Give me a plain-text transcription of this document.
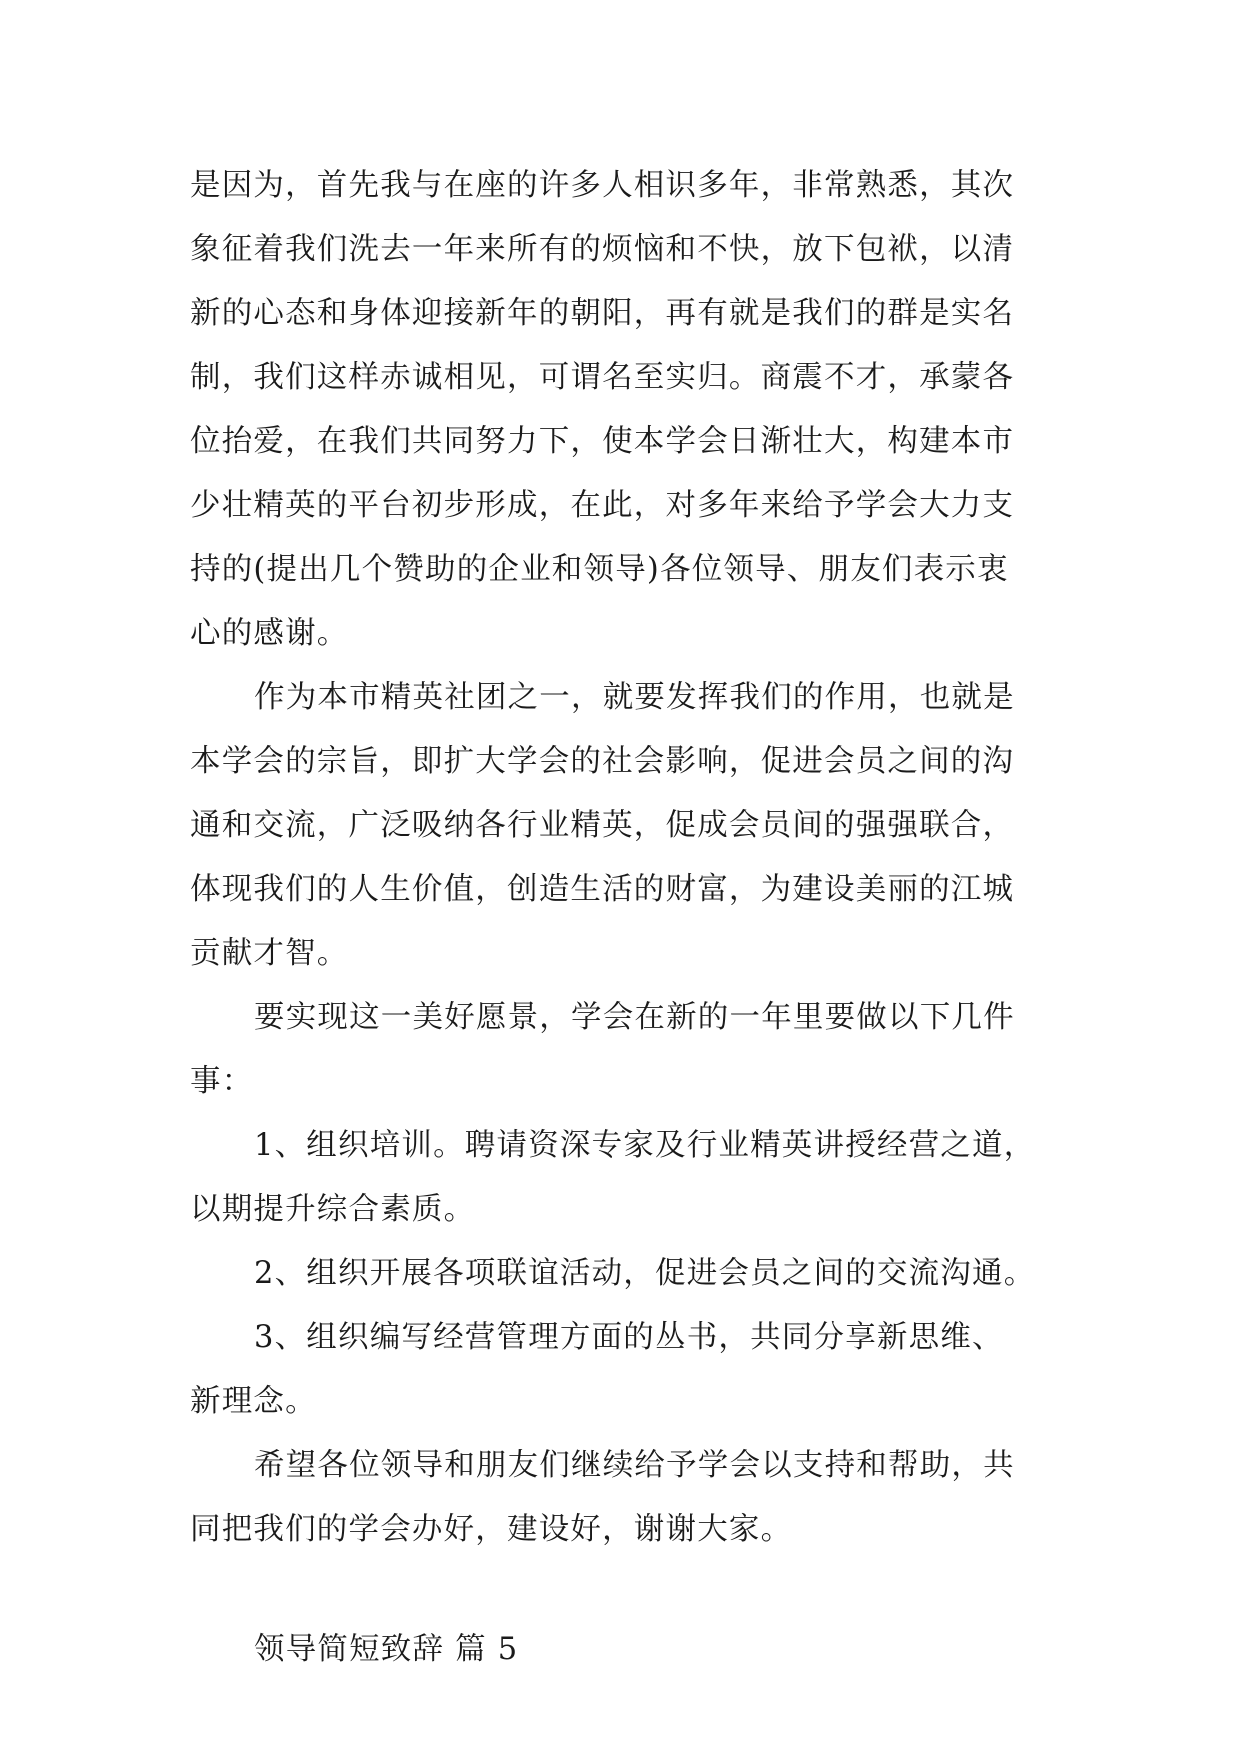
是因为，首先我与在座的许多人相识多年，非常熟悉，其次
象征着我们洗去一年来所有的烦恼和不快，放下包袱，以清
新的心态和身体迎接新年的朝阳，再有就是我们的群是实名
制，我们这样赤诚相见，可谓名至实归。商震不才，承蒙各
位抬爱，在我们共同努力下，使本学会日渐壮大，构建本市
少壮精英的平台初步形成，在此，对多年来给予学会大力支
持的(提出几个赞助的企业和领导)各位领导、朋友们表示衷
心的感谢。
作为本市精英社团之一，就要发挥我们的作用，也就是
本学会的宗旨，即扩大学会的社会影响，促进会员之间的沟
通和交流，广泛吸纳各行业精英，促成会员间的强强联合，
体现我们的人生价值，创造生活的财富，为建设美丽的江城
贡献才智。
要实现这一美好愿景，学会在新的一年里要做以下几件
事：
1、组织培训。聘请资深专家及行业精英讲授经营之道，
以期提升综合素质。
2、组织开展各项联谊活动，促进会员之间的交流沟通。
3、组织编写经营管理方面的丛书，共同分享新思维、
新理念。
希望各位领导和朋友们继续给予学会以支持和帮助，共
同把我们的学会办好，建设好，谢谢大家。
领导简短致辞 篇 5
